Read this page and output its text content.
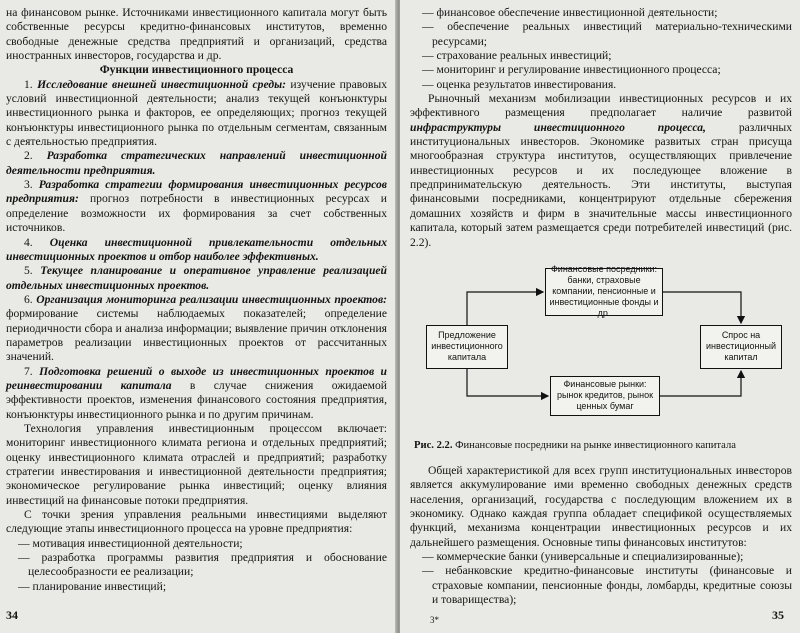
на финансовом рынке. Источниками инвестиционного капитала могут быть собственные ресурсы кредитно-финансовых институтов, временно свободные денежные средства предприятий и организаций, средства иностранных инвесторов, государства и др.

Функции инвестиционного процесса

1. Исследование внешней инвестиционной среды: изучение правовых условий инвестиционной деятельности; анализ текущей конъюнктуры инвестиционного рынка и факторов, ее определяющих; прогноз текущей конъюнктуры инвестиционного рынка по отдельным сегментам, связанным с деятельностью предприятия.

2. Разработка стратегических направлений инвестиционной деятельности предприятия.

3. Разработка стратегии формирования инвестиционных ресурсов предприятия: прогноз потребности в инвестиционных ресурсах и определение возможности их формирования за счет собственных источников.

4. Оценка инвестиционной привлекательности отдельных инвестиционных проектов и отбор наиболее эффективных.

5. Текущее планирование и оперативное управление реализацией отдельных инвестиционных проектов.

6. Организация мониторинга реализации инвестиционных проектов: формирование системы наблюдаемых показателей; определение периодичности сбора и анализа информации; выявление причин отклонения параметров реализации инвестиционных проектов от рассчитанных значений.

7. Подготовка решений о выходе из инвестиционных проектов и реинвестировании капитала в случае снижения ожидаемой эффективности проектов, изменения финансового состояния предприятия, конъюнктуры инвестиционного рынка и по другим причинам.

Технология управления инвестиционным процессом включает: мониторинг инвестиционного климата региона и отдельных предприятий; оценку инвестиционного климата отраслей и предприятий; разработку стратегии инвестирования и инвестиционной деятельности предприятия; экономическое регулирование рынка инвестиций; оценку влияния инвестиций на финансовые потоки предприятия.

С точки зрения управления реальными инвестициями выделяют следующие этапы инвестиционного процесса на уровне предприятия:

— мотивация инвестиционной деятельности;

— разработка программы развития предприятия и обоснование целесообразности ее реализации;

— планирование инвестиций;

34

— финансовое обеспечение инвестиционной деятельности;

— обеспечение реальных инвестиций материально-техническими ресурсами;

— страхование реальных инвестиций;

— мониторинг и регулирование инвестиционного процесса;

— оценка результатов инвестирования.

Рыночный механизм мобилизации инвестиционных ресурсов и их эффективного размещения предполагает наличие развитой инфраструктуры инвестиционного процесса, различных институциональных инвесторов. Экономике развитых стран присуща многообразная структура институтов, осуществляющих привлечение инвестиционных ресурсов и их последующее вложение в предпринимательскую деятельность. Эти институты, выступая финансовыми посредниками, концентрируют отдельные сбережения домашних хозяйств и фирм в значительные массы инвестиционного капитала, который затем размещается среди потребителей инвестиций (рис. 2.2).

Финансовые посредники: банки, страховые компании, пенсионные и инвестиционные фонды и др.
Предложение инвестиционного капитала
Спрос на инвестиционный капитал
Финансовые рынки: рынок кредитов, рынок ценных бумаг
Рис. 2.2. Финансовые посредники на рынке инвестиционного капитала

Общей характеристикой для всех групп институциональных инвесторов является аккумулирование ими временно свободных денежных средств населения, организаций, государства с последующим вложением их в экономику. Однако каждая группа обладает спецификой осуществляемых функций, механизма концентрации инвестиционных ресурсов и их дальнейшего размещения. Основные типы финансовых институтов:

— коммерческие банки (универсальные и специализированные);

— небанковские кредитно-финансовые институты (финансовые и страховые компании, пенсионные фонды, ломбарды, кредитные союзы и товарищества);

3*	35
